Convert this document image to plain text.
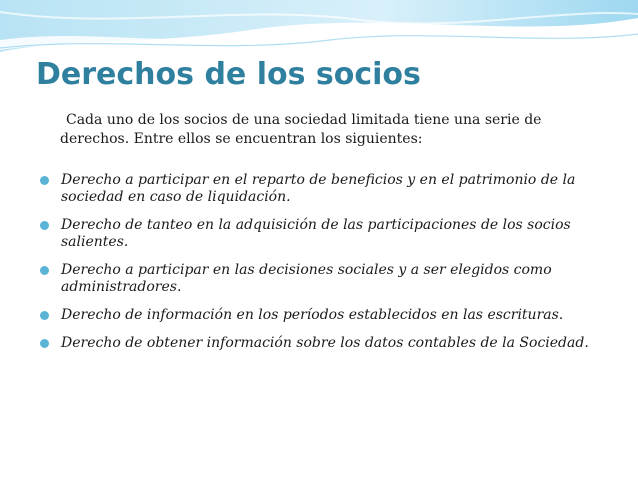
Derechos de los socios
Cada uno de los socios de una sociedad limitada tiene una serie de derechos. Entre ellos se encuentran los siguientes:
Derecho a participar en el reparto de beneficios y en el patrimonio de la sociedad en caso de liquidación.
Derecho de tanteo en la adquisición de las participaciones de los socios salientes.
Derecho a participar en las decisiones sociales y a ser elegidos como administradores.
Derecho de información en los períodos establecidos en las escrituras.
Derecho de obtener información sobre los datos contables de la Sociedad.
